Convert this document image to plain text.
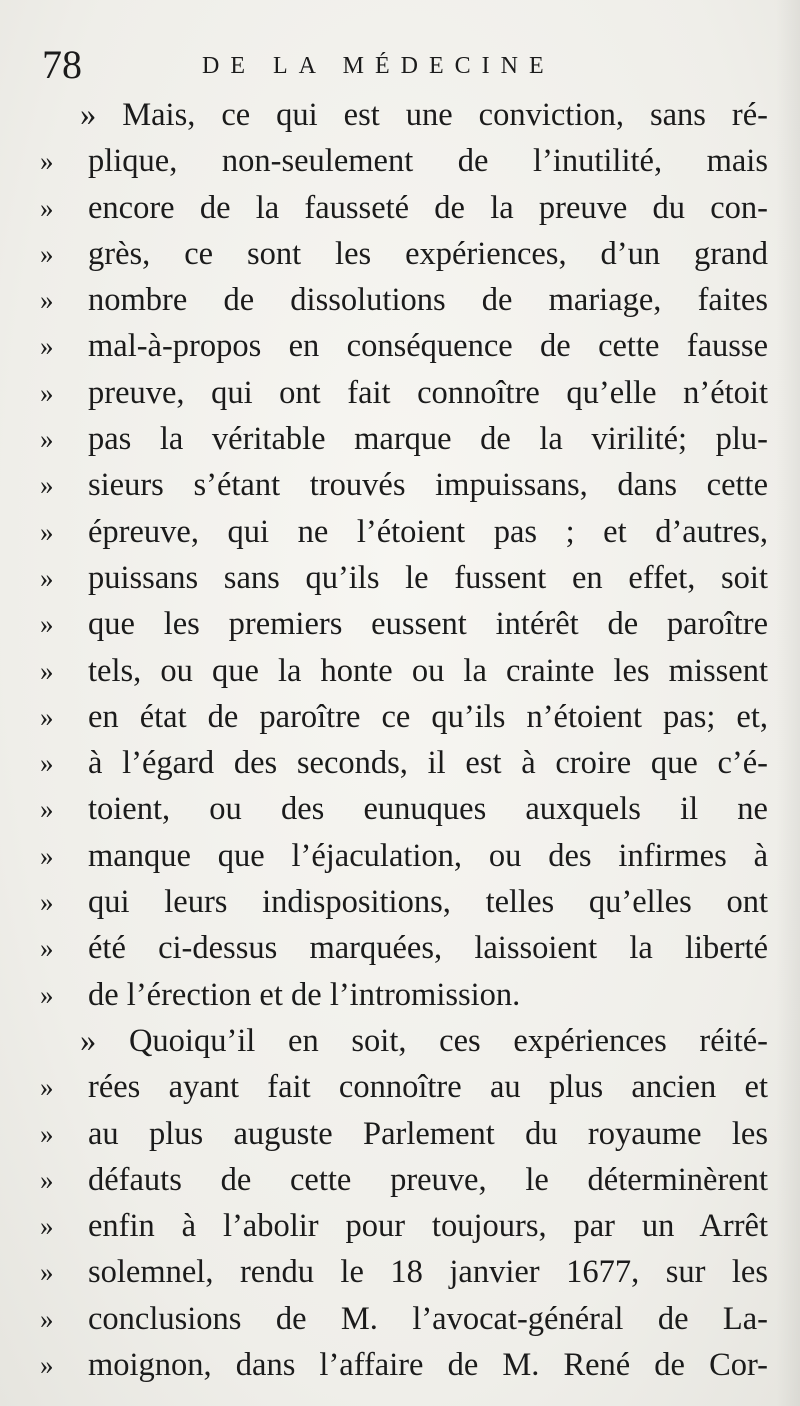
78	DE LA MÉDECINE
» Mais, ce qui est une conviction, sans ré-
»	plique, non-seulement de l’inutilité, mais
»	encore de la fausseté de la preuve du con-
»	grès, ce sont les expériences, d’un grand
»	nombre de dissolutions de mariage, faites
»	mal-à-propos en conséquence de cette fausse
»	preuve, qui ont fait connoître qu’elle n’étoit
»	pas la véritable marque de la virilité; plu-
»	sieurs s’étant trouvés impuissans, dans cette
»	épreuve, qui ne l’étoient pas ; et d’autres,
»	puissans sans qu’ils le fussent en effet, soit
»	que les premiers eussent intérêt de paroître
»	tels, ou que la honte ou la crainte les missent
»	en état de paroître ce qu’ils n’étoient pas; et,
»	à l’égard des seconds, il est à croire que c’é-
»	toient, ou des eunuques auxquels il ne
»	manque que l’éjaculation, ou des infirmes à
»	qui leurs indispositions, telles qu’elles ont
»	été ci-dessus marquées, laissoient la liberté
»	de l’érection et de l’intromission.
» Quoiqu’il en soit, ces expériences réité-
»	rées ayant fait connoître au plus ancien et
»	au plus auguste Parlement du royaume les
»	défauts de cette preuve, le déterminèrent
»	enfin à l’abolir pour toujours, par un Arrêt
»	solemnel, rendu le 18 janvier 1677, sur les
»	conclusions de M. l’avocat-général de La-
»	moignon, dans l’affaire de M. René de Cor-
